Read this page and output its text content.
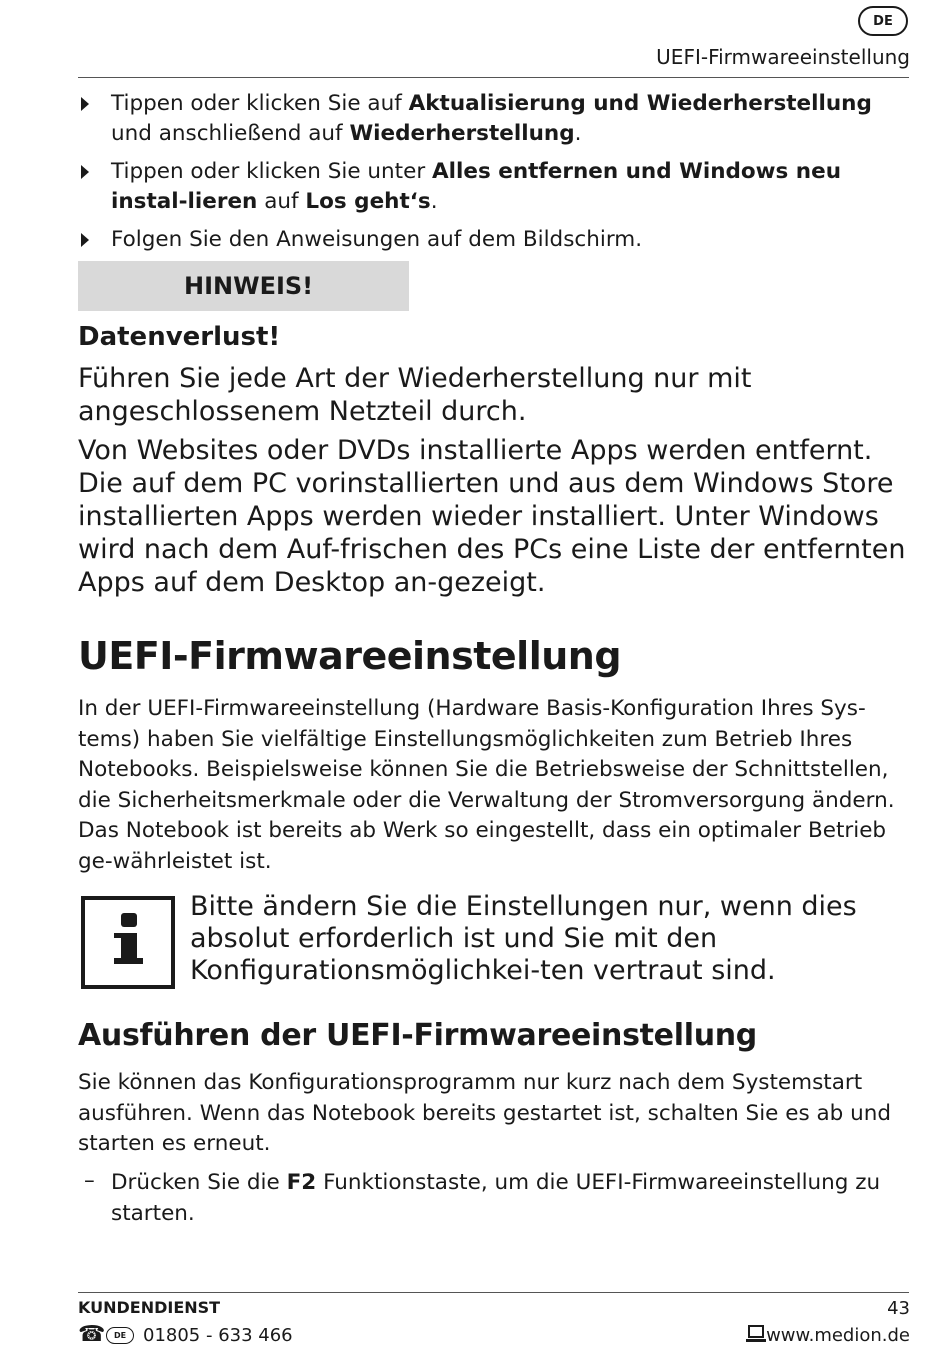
DE
UEFI-Firmwareeinstellung
Tippen oder klicken Sie auf Aktualisierung und Wiederherstellung und anschließend auf Wiederherstellung.
Tippen oder klicken Sie unter Alles entfernen und Windows neu instal-lieren auf Los geht‘s.
Folgen Sie den Anweisungen auf dem Bildschirm.
HINWEIS!
Datenverlust!

Führen Sie jede Art der Wiederherstellung nur mit angeschlossenem Netzteil durch.

Von Websites oder DVDs installierte Apps werden entfernt. Die auf dem PC vorinstallierten und aus dem Windows Store installierten Apps werden wieder installiert. Unter Windows wird nach dem Auf-frischen des PCs eine Liste der entfernten Apps auf dem Desktop an-gezeigt.

UEFI-Firmwareeinstellung

In der UEFI-Firmwareeinstellung (Hardware Basis-Konfiguration Ihres Sys-tems) haben Sie vielfältige Einstellungsmöglichkeiten zum Betrieb Ihres Notebooks. Beispielsweise können Sie die Betriebsweise der Schnittstellen, die Sicherheitsmerkmale oder die Verwaltung der Stromversorgung ändern. Das Notebook ist bereits ab Werk so eingestellt, dass ein optimaler Betrieb ge-währleistet ist.

Bitte ändern Sie die Einstellungen nur, wenn dies absolut erforderlich ist und Sie mit den Konfigurationsmöglichkei-ten vertraut sind.

Ausführen der UEFI-Firmwareeinstellung

Sie können das Konfigurationsprogramm nur kurz nach dem Systemstart ausführen. Wenn das Notebook bereits gestartet ist, schalten Sie es ab und starten es erneut.

– Drücken Sie die F2 Funktionstaste, um die UEFI-Firmwareeinstellung zu starten.
KUNDENDIENST	43
☎	DE 01805 - 633 466	www.medion.de
